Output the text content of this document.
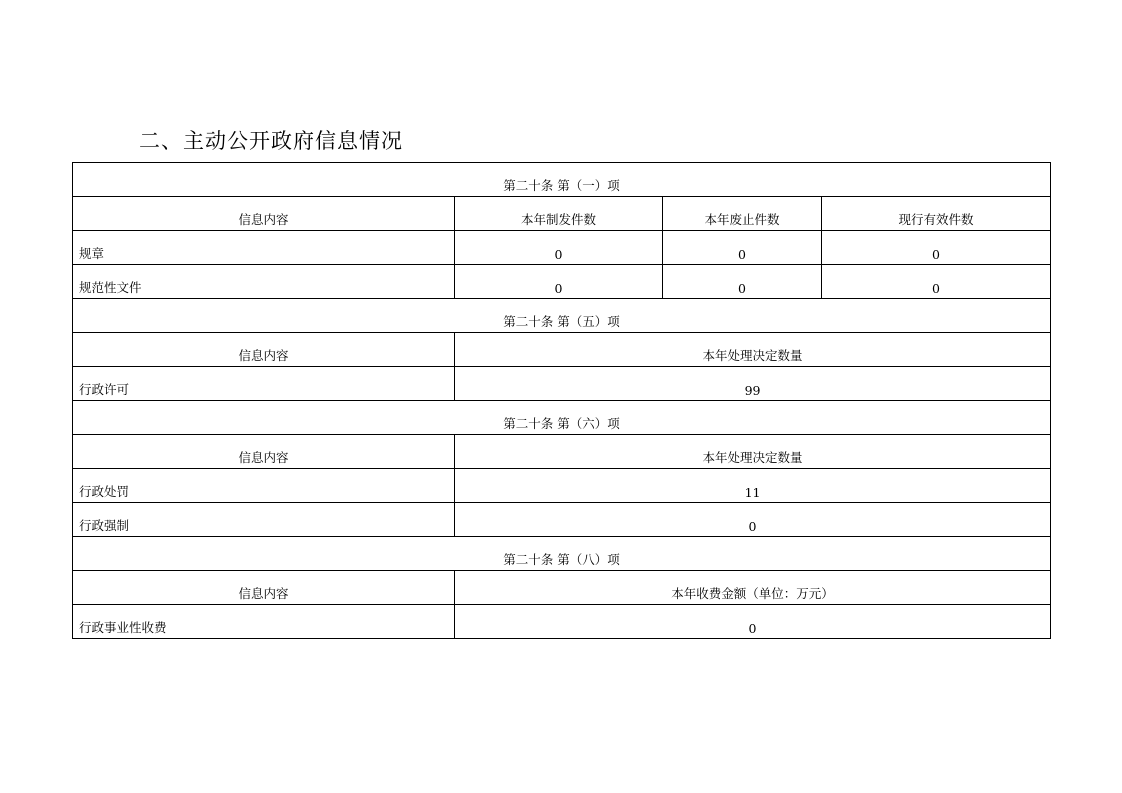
二、主动公开政府信息情况
第二十条 第（一）项			
信息内容	本年制发件数	本年废止件数	现行有效件数
规章	0	0	0
规范性文件	0	0	0
第二十条 第（五）项			
信息内容	本年处理决定数量		
行政许可	99		
第二十条 第（六）项			
信息内容	本年处理决定数量		
行政处罚	11		
行政强制	0		
第二十条 第（八）项			
信息内容	本年收费金额（单位：万元）		
行政事业性收费	0		
